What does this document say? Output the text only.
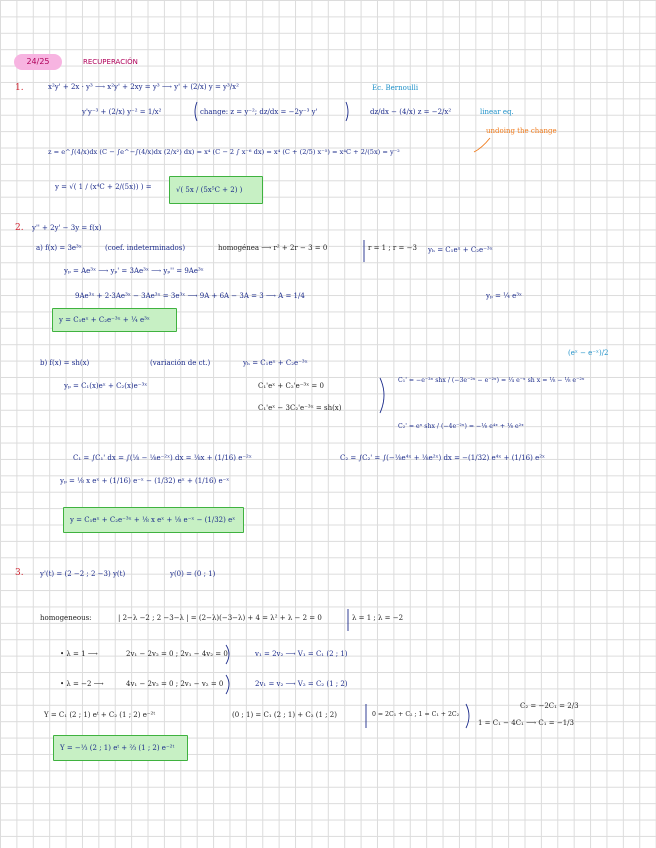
24/25	RECUPERACIÓN
1.	x²y' + 2x · y³ ⟶ x²y' + 2xy = y³ ⟶ y' + (2/x) y = y³/x²	Ec. Bernoulli
y'y⁻³ + (2/x) y⁻² = 1/x²	change: z = y⁻²; dz/dx = −2y⁻³ y'	dz/dx − (4/x) z = −2/x²	linear eq.
undoing the change
z = e^∫(4/x)dx (C − ∫e^−∫(4/x)dx (2/x²) dx) = x⁴ (C − 2 ∫ x⁻⁶ dx) = x⁴ (C + (2/5) x⁻⁵) = x⁴C + 2/(5x) = y⁻²
y = √( 1 / (x⁴C + 2/(5x)) ) =	√( 5x / (5x⁵C + 2) )
2. y'' + 2y' − 3y = f(x)
a) f(x) = 3e³ˣ	(coef. indeterminados)	homogénea ⟶ r² + 2r − 3 = 0	r = 1 ; r = −3 yₕ = C₁eˣ + C₂e⁻³ˣ
yₚ = Ae³ˣ ⟶ yₚ' = 3Ae³ˣ ⟶ yₚ'' = 9Ae³ˣ
9Ae³ˣ + 2·3Ae³ˣ − 3Ae³ˣ = 3e³ˣ ⟶ 9A + 6A − 3A = 3 ⟶ A = 1/4	yₚ = ¼ e³ˣ
y = C₁eˣ + C₂e⁻³ˣ + ¼ e³ˣ
b) f(x) = sh(x)	(variación de ct.)	yₕ = C₁eˣ + C₂e⁻³ˣ
(eˣ − e⁻ˣ)/2
yₚ = C₁(x)eˣ + C₂(x)e⁻³ˣ	C₁'eˣ + C₂'e⁻³ˣ = 0
C₁'eˣ − 3C₂'e⁻³ˣ = sh(x)
C₁' = −e⁻³ˣ shx / (−3e⁻²ˣ − e⁻²ˣ) = ¼ e⁻ˣ sh x = ⅛ − ⅛ e⁻²ˣ
C₂' = eˣ shx / (−4e⁻²ˣ) = −⅛ e⁴ˣ + ⅛ e²ˣ
C₁ = ∫C₁' dx = ∫(⅛ − ⅛e⁻²ˣ) dx = ⅛x + (1/16) e⁻²ˣ	C₂ = ∫C₂' = ∫(−⅛e⁴ˣ + ⅛e²ˣ) dx = −(1/32) e⁴ˣ + (1/16) e²ˣ
yₚ = ⅛ x eˣ + (1/16) e⁻ˣ − (1/32) eˣ + (1/16) e⁻ˣ
y = C₁eˣ + C₂e⁻³ˣ + ⅛ x eˣ + ⅛ e⁻ˣ − (1/32) eˣ
3. y'(t) = (2 −2 ; 2 −3) y(t)	y(0) = (0 ; 1)
homogeneous:	| 2−λ −2 ; 2 −3−λ | = (2−λ)(−3−λ) + 4 = λ² + λ − 2 = 0	λ = 1 ; λ = −2
• λ = 1 ⟶	2v₁ − 2v₂ = 0 ; 2v₁ − 4v₂ = 0	v₁ = 2v₂ ⟶ V₁ = C₁ (2 ; 1)
• λ = −2 ⟶	4v₁ − 2v₂ = 0 ; 2v₁ − v₂ = 0	2v₁ = v₂ ⟶ V₂ = C₂ (1 ; 2)
Y = C₁ (2 ; 1) eᵗ + C₂ (1 ; 2) e⁻²ᵗ	(0 ; 1) = C₁ (2 ; 1) + C₂ (1 ; 2)	0 = 2C₁ + C₂ ; 1 = C₁ + 2C₂
C₂ = −2C₁ = 2/3
1 = C₁ − 4C₁ ⟶ C₁ = −1/3
Y = −⅓ (2 ; 1) eᵗ + ⅔ (1 ; 2) e⁻²ᵗ
